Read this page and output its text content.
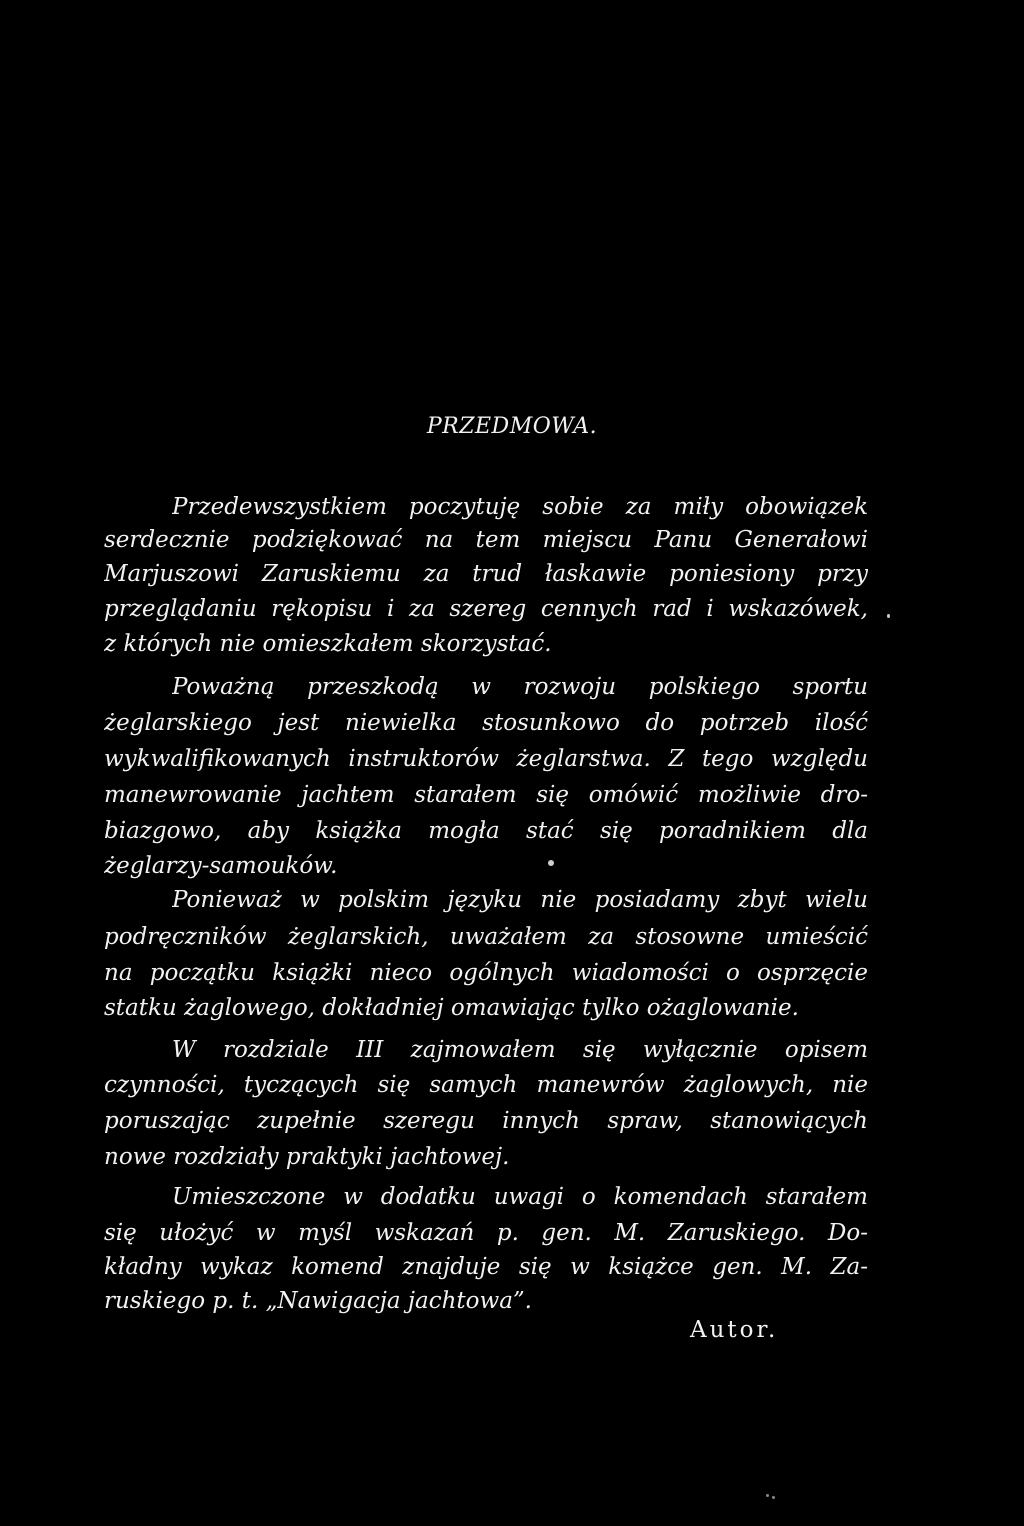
PRZEDMOWA.
Przedewszystkiem poczytuję sobie za miły obowiązek
serdecznie podziękować na tem miejscu Panu Generałowi
Marjuszowi Zaruskiemu za trud łaskawie poniesiony przy
przeglądaniu rękopisu i za szereg cennych rad i wskazówek,
z których nie omieszkałem skorzystać.
Poważną przeszkodą w rozwoju polskiego sportu
żeglarskiego jest niewielka stosunkowo do potrzeb ilość
wykwalifikowanych instruktorów żeglarstwa. Z tego względu
manewrowanie jachtem starałem się omówić możliwie dro-
biazgowo, aby książka mogła stać się poradnikiem dla
żeglarzy-samouków.
Ponieważ w polskim języku nie posiadamy zbyt wielu
podręczników żeglarskich, uważałem za stosowne umieścić
na początku książki nieco ogólnych wiadomości o osprzęcie
statku żaglowego, dokładniej omawiając tylko ożaglowanie.
W rozdziale III zajmowałem się wyłącznie opisem
czynności, tyczących się samych manewrów żaglowych, nie
poruszając zupełnie szeregu innych spraw, stanowiących
nowe rozdziały praktyki jachtowej.
Umieszczone w dodatku uwagi o komendach starałem
się ułożyć w myśl wskazań p. gen. M. Zaruskiego. Do-
kładny wykaz komend znajduje się w książce gen. M. Za-
ruskiego p. t. „Nawigacja jachtowa”.
Autor.
